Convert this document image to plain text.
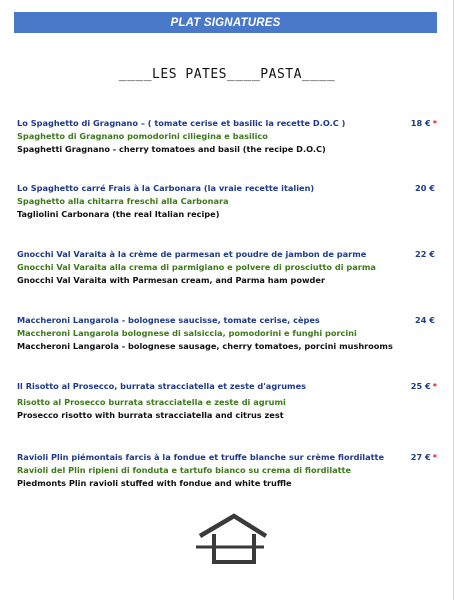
PLAT SIGNATURES
____LES PATES____PASTA____
Lo Spaghetto di Gragnano – ( tomate cerise et basilic la recette D.O.C )
Spaghetto di Gragnano pomodorini ciliegina e basilico
Spaghetti Gragnano - cherry tomatoes and basil (the recipe D.O.C)
18 € *
Lo Spaghetto carré Frais à la Carbonara (la vraie recette italien)
Spaghetto alla chitarra freschi alla Carbonara
Tagliolini Carbonara (the real Italian recipe)
20 €
Gnocchi Val Varaita à la crème de parmesan et poudre de jambon de parme
Gnocchi Val Varaita alla crema di parmigiano e polvere di prosciutto di parma
Gnocchi Val Varaita with Parmesan cream, and Parma ham powder
22 €
Maccheroni Langarola - bolognese saucisse, tomate cerise, cèpes
Maccheroni Langarola bolognese di salsiccia, pomodorini e funghi porcini
Maccheroni Langarola - bolognese sausage, cherry tomatoes, porcini mushrooms
24 €
Il Risotto al Prosecco, burrata stracciatella et zeste d'agrumes
Risotto al Prosecco burrata stracciatella e zeste di agrumi
Prosecco risotto with burrata stracciatella and citrus zest
25 € *
Ravioli Plin piémontais farcis à la fondue et truffe blanche sur crème fiordilatte
Ravioli del Plin ripieni di fonduta e tartufo bianco su crema di fiordilatte
Piedmonts Plin ravioli stuffed with fondue and white truffle
27 € *
